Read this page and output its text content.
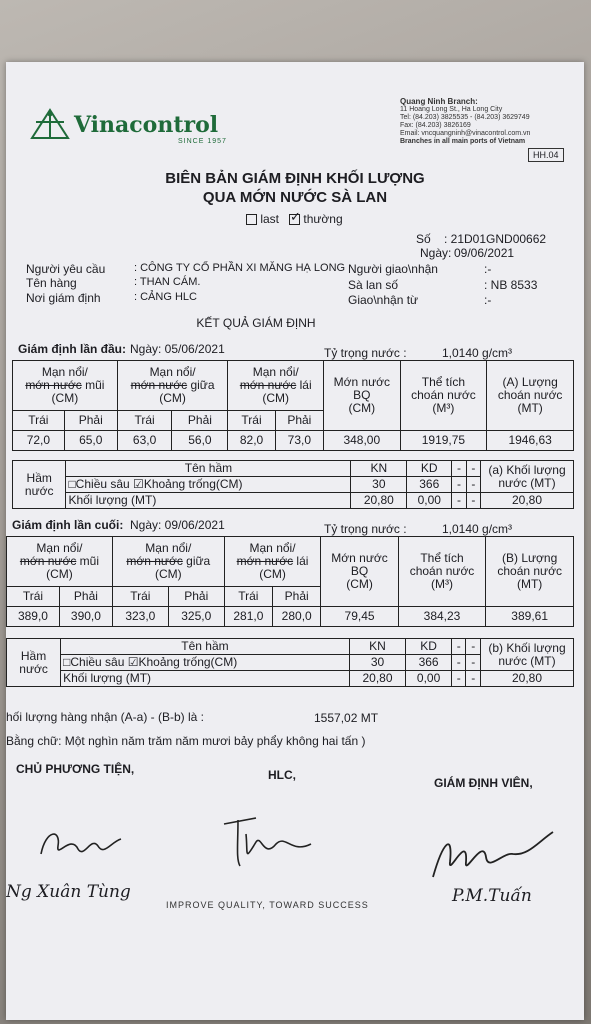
Vinacontrol
SINCE 1957
Quang Ninh Branch:
11 Hoang Long St., Ha Long City
Tel: (84.203) 3825535 - (84.203) 3629749
Fax: (84.203) 3826169
Email: vncquangninh@vinacontrol.com.vn
Branches in all main ports of Vietnam
HH.04
BIÊN BẢN GIÁM ĐỊNH KHỐI LƯỢNG
QUA MỚN NƯỚC SÀ LAN
last ✓ thường
Số : 21D01GND00662
Ngày: 09/06/2021
Người yêu cầu	: CÔNG TY CỔ PHẦN XI MĂNG HẠ LONG Người giao\nhận	:-
Tên hàng	: THAN CÁM.	Sà lan số	: NB 8533
Nơi giám định	: CẢNG HLC	Giao\nhận từ	:-
KẾT QUẢ GIÁM ĐỊNH
Giám định lần đầu: Ngày: 05/06/2021	Tỷ trọng nước :	1,0140 g/cm³
Mạn nổi/
mớn nước mũi
(CM)		Mạn nổi/
mớn nước giữa
(CM)		Mạn nổi/
mớn nước lái
(CM)		Mớn nước
BQ
(CM)	Thể tích
choán nước
(M³)	(A) Lượng
choán nước
(MT)
Trái	Phải	Trái	Phải	Trái	Phải			
72,0	65,0	63,0	56,0	82,0	73,0	348,00	1919,75	1946,63
Hầm
nước	Tên hầm	KN	KD	-	-	(a) Khối lượng nước (MT)
	□Chiều sâu ☑Khoảng trống(CM)	30	366	-	-	
	Khối lượng (MT)	20,80	0,00	-	-	20,80
Giám định lần cuối: Ngày: 09/06/2021	Tỷ trọng nước :	1,0140 g/cm³
Mạn nổi/
mớn nước mũi
(CM)		Mạn nổi/
mớn nước giữa
(CM)		Mạn nổi/
mớn nước lái
(CM)		Mớn nước
BQ
(CM)	Thể tích
choán nước
(M³)	(B) Lượng
choán nước
(MT)
Trái	Phải	Trái	Phải	Trái	Phải			
389,0	390,0	323,0	325,0	281,0	280,0	79,45	384,23	389,61
Hầm
nước	Tên hầm	KN	KD	-	-	(b) Khối lượng nước (MT)
	□Chiều sâu ☑Khoảng trống(CM)	30	366	-	-	
	Khối lượng (MT)	20,80	0,00	-	-	20,80
hối lượng hàng nhận (A-a) - (B-b) là :	1557,02 MT
Bằng chữ: Một nghìn năm trăm năm mươi bảy phẩy không hai tấn )
CHỦ PHƯƠNG TIỆN,	HLC,
GIÁM ĐỊNH VIÊN,
Ng Xuân Tùng	P.M.Tuấn
IMPROVE QUALITY, TOWARD SUCCESS
